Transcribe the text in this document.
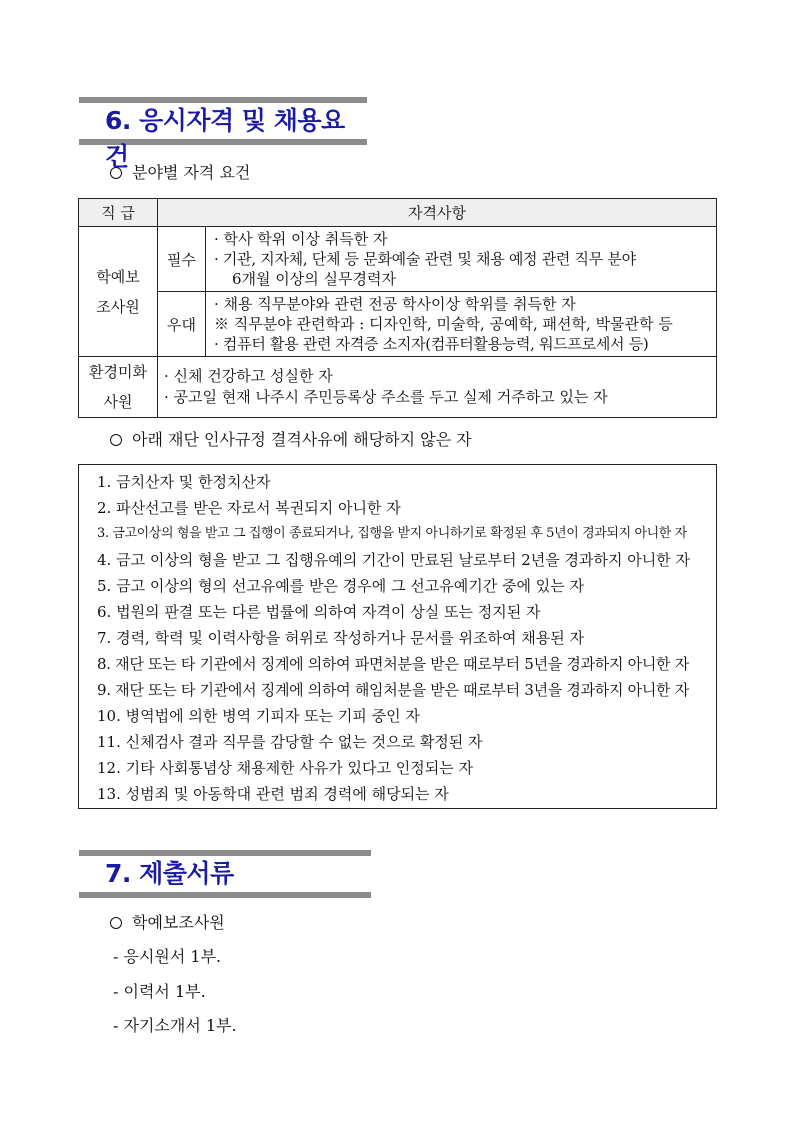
6. 응시자격 및 채용요건
분야별 자격 요건
직 급	자격사항	
학예보조사원	필수	· 학사 학위 이상 취득한 자
· 기관, 지자체, 단체 등 문화예술 관련 및 채용 예정 관련 직무 분야
6개월 이상의 실무경력자

	우대	· 채용 직무분야와 관련 전공 학사이상 학위를 취득한 자
※ 직무분야 관련학과 : 디자인학, 미술학, 공예학, 패션학, 박물관학 등
· 컴퓨터 활용 관련 자격증 소지자(컴퓨터활용능력, 워드프로세서 등)

환경미화사원	· 신체 건강하고 성실한 자
· 공고일 현재 나주시 주민등록상 주소를 두고 실제 거주하고 있는 자	
아래 재단 인사규정 결격사유에 해당하지 않은 자
1. 금치산자 및 한정치산자
2. 파산선고를 받은 자로서 복권되지 아니한 자
3. 금고이상의 형을 받고 그 집행이 종료되거나, 집행을 받지 아니하기로 확정된 후 5년이 경과되지 아니한 자
4. 금고 이상의 형을 받고 그 집행유예의 기간이 만료된 날로부터 2년을 경과하지 아니한 자
5. 금고 이상의 형의 선고유예를 받은 경우에 그 선고유예기간 중에 있는 자
6. 법원의 판결 또는 다른 법률에 의하여 자격이 상실 또는 정지된 자
7. 경력, 학력 및 이력사항을 허위로 작성하거나 문서를 위조하여 채용된 자
8. 재단 또는 타 기관에서 징계에 의하여 파면처분을 받은 때로부터 5년을 경과하지 아니한 자
9. 재단 또는 타 기관에서 징계에 의하여 해임처분을 받은 때로부터 3년을 경과하지 아니한 자
10. 병역법에 의한 병역 기피자 또는 기피 중인 자
11. 신체검사 결과 직무를 감당할 수 없는 것으로 확정된 자
12. 기타 사회통념상 채용제한 사유가 있다고 인정되는 자
13. 성범죄 및 아동학대 관련 범죄 경력에 해당되는 자
7. 제출서류
학예보조사원
- 응시원서 1부.
- 이력서 1부.
- 자기소개서 1부.
